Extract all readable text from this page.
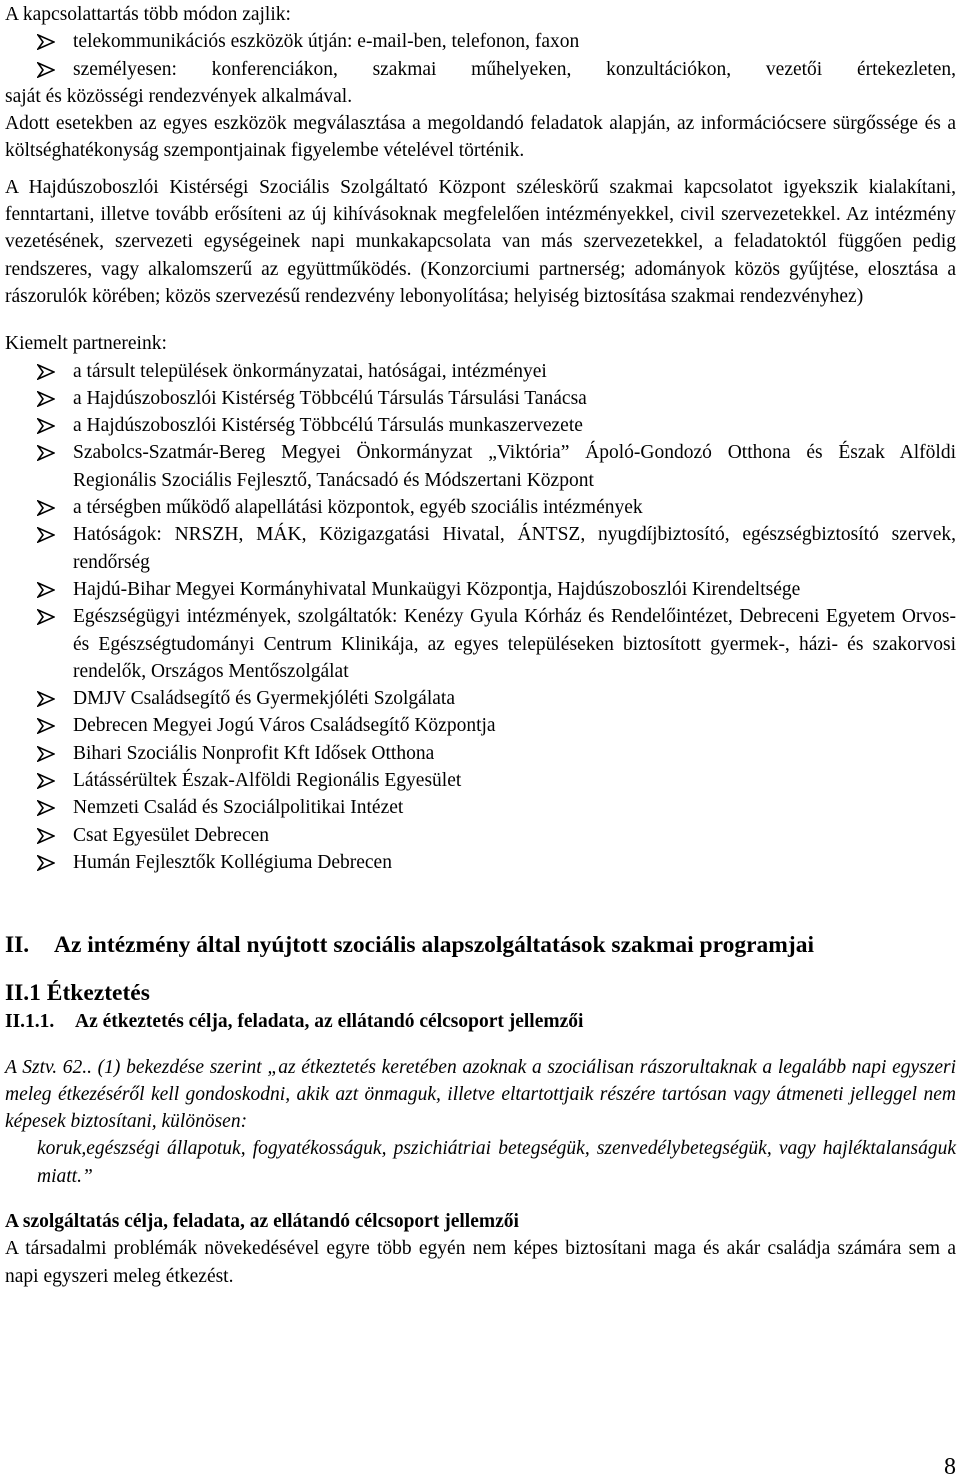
A kapcsolattartás több módon zajlik:

telekommunikációs eszközök útján: e-mail-ben, telefonon, faxon
személyesen: konferenciákon, szakmai műhelyeken, konzultációkon, vezetői értekezleten,

saját és közösségi rendezvények alkalmával.

Adott esetekben az egyes eszközök megválasztása a megoldandó feladatok alapján, az információcsere sürgőssége és a költséghatékonyság szempontjainak figyelembe vételével történik.

A Hajdúszoboszlói Kistérségi Szociális Szolgáltató Központ széleskörű szakmai kapcsolatot igyekszik kialakítani, fenntartani, illetve tovább erősíteni az új kihívásoknak megfelelően intézményekkel, civil szervezetekkel. Az intézmény vezetésének, szervezeti egységeinek napi munkakapcsolata van más szervezetekkel, a feladatoktól függően pedig rendszeres, vagy alkalomszerű az együttműködés. (Konzorciumi partnerség; adományok közös gyűjtése, elosztása a rászorulók körében; közös szervezésű rendezvény lebonyolítása; helyiség biztosítása szakmai rendezvényhez)

Kiemelt partnereink:

a társult települések önkormányzatai, hatóságai, intézményei
a Hajdúszoboszlói Kistérség Többcélú Társulás Társulási Tanácsa
a Hajdúszoboszlói Kistérség Többcélú Társulás munkaszervezete
Szabolcs-Szatmár-Bereg Megyei Önkormányzat „Viktória” Ápoló-Gondozó Otthona és Észak Alföldi Regionális Szociális Fejlesztő, Tanácsadó és Módszertani Központ
a térségben működő alapellátási központok, egyéb szociális intézmények
Hatóságok: NRSZH, MÁK, Közigazgatási Hivatal, ÁNTSZ, nyugdíjbiztosító, egészségbiztosító szervek, rendőrség
Hajdú-Bihar Megyei Kormányhivatal Munkaügyi Központja, Hajdúszoboszlói Kirendeltsége
Egészségügyi intézmények, szolgáltatók: Kenézy Gyula Kórház és Rendelőintézet, Debreceni Egyetem Orvos- és Egészségtudományi Centrum Klinikája, az egyes településeken biztosított gyermek-, házi- és szakorvosi rendelők, Országos Mentőszolgálat
DMJV Családsegítő és Gyermekjóléti Szolgálata
Debrecen Megyei Jogú Város Családsegítő Központja
Bihari Szociális Nonprofit Kft Idősek Otthona
Látássérültek Észak-Alföldi Regionális Egyesület
Nemzeti Család és Szociálpolitikai Intézet
Csat Egyesület Debrecen
Humán Fejlesztők Kollégiuma Debrecen

II. Az intézmény által nyújtott szociális alapszolgáltatások szakmai programjai

II.1 Étkeztetés

II.1.1. Az étkeztetés célja, feladata, az ellátandó célcsoport jellemzői

A Sztv. 62.. (1) bekezdése szerint „az étkeztetés keretében azoknak a szociálisan rászorultaknak a legalább napi egyszeri meleg étkezéséről kell gondoskodni, akik azt önmaguk, illetve eltartottjaik részére tartósan vagy átmeneti jelleggel nem képesek biztosítani, különösen:

koruk,egészségi állapotuk, fogyatékosságuk, pszichiátriai betegségük, szenvedélybetegségük, vagy hajléktalanságuk miatt.”

A szolgáltatás célja, feladata, az ellátandó célcsoport jellemzői

A társadalmi problémák növekedésével egyre több egyén nem képes biztosítani maga és akár családja számára sem a napi egyszeri meleg étkezést.

8
